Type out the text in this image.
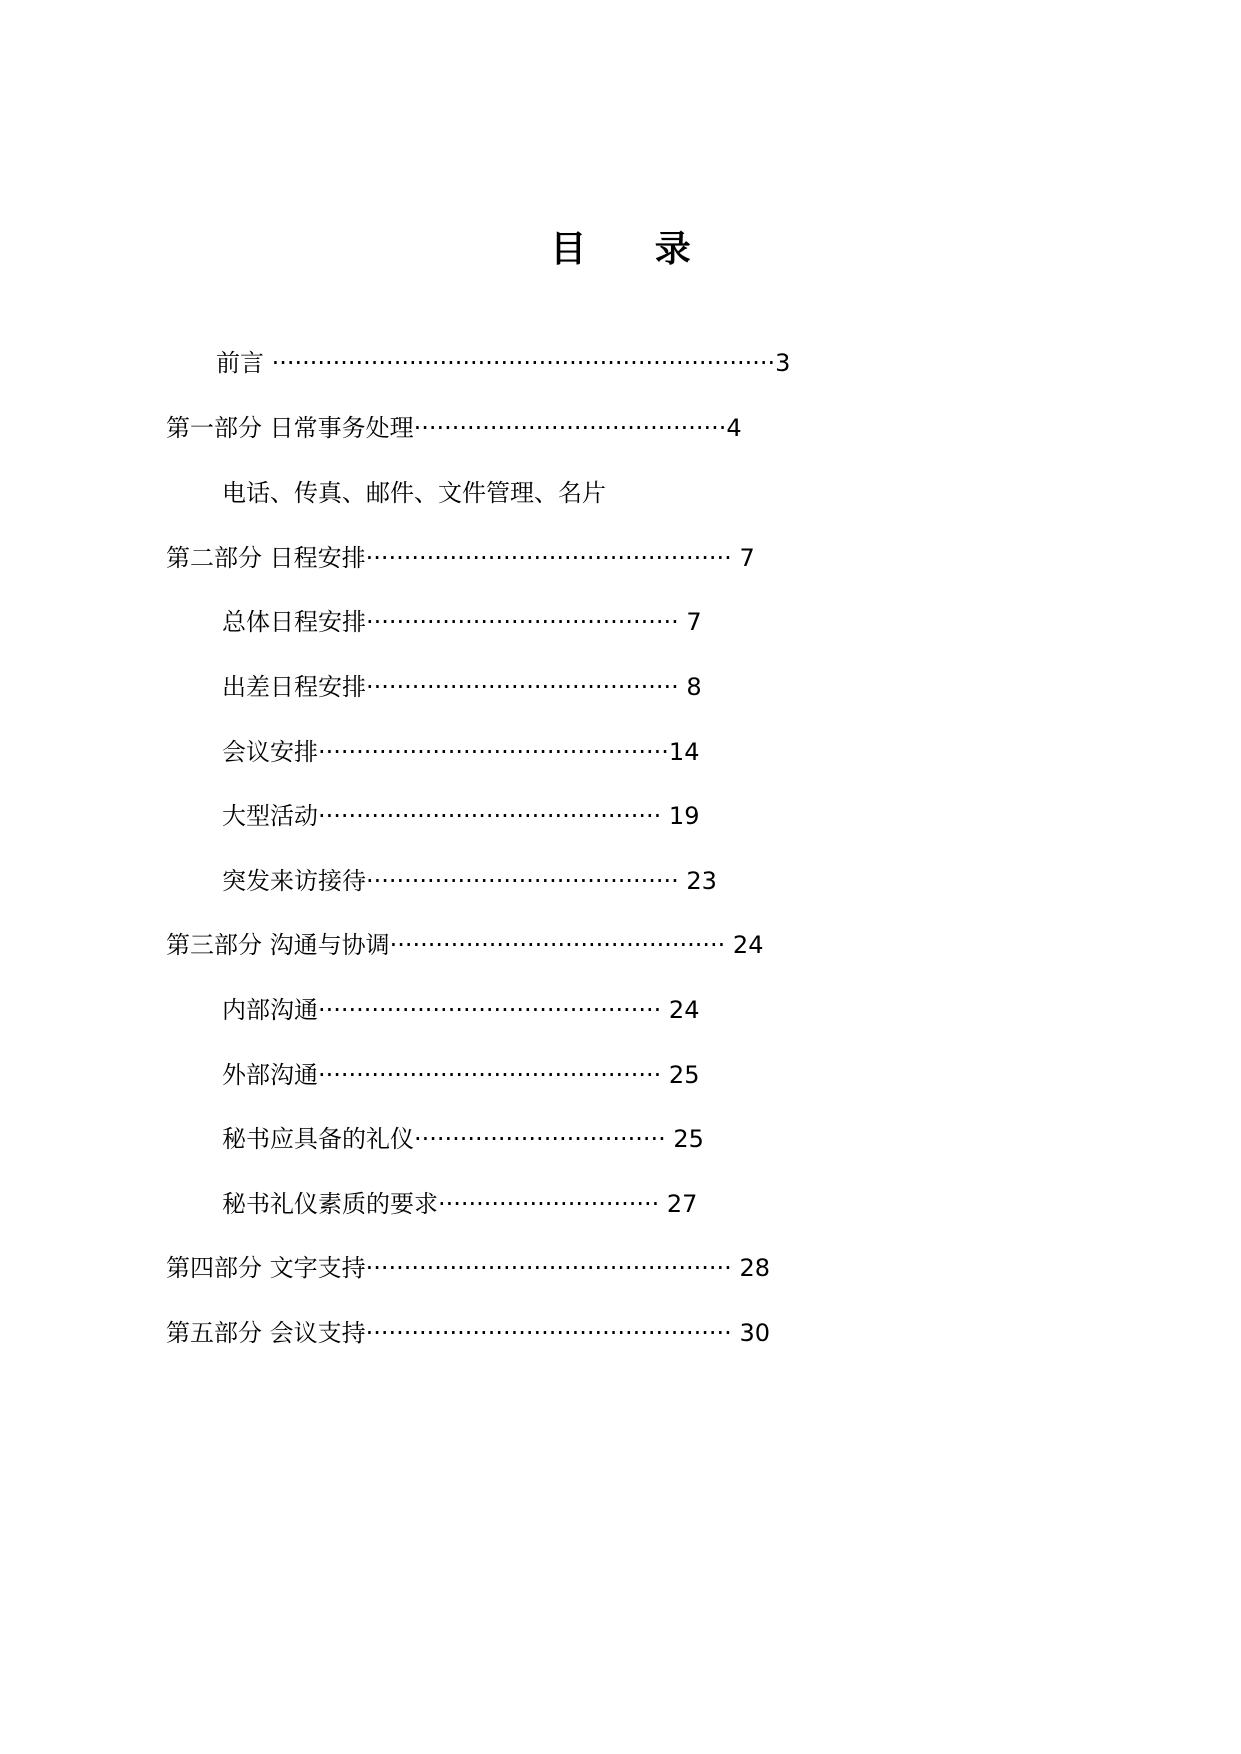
目 录
前言 ··································································3
第一部分 日常事务处理·········································4
电话、传真、邮件、文件管理、名片
第二部分 日程安排················································ 7
总体日程安排········································· 7
出差日程安排········································· 8
会议安排··············································14
大型活动············································· 19
突发来访接待········································· 23
第三部分 沟通与协调············································ 24
内部沟通············································· 24
外部沟通············································· 25
秘书应具备的礼仪································· 25
秘书礼仪素质的要求····························· 27
第四部分 文字支持················································ 28
第五部分 会议支持················································ 30
